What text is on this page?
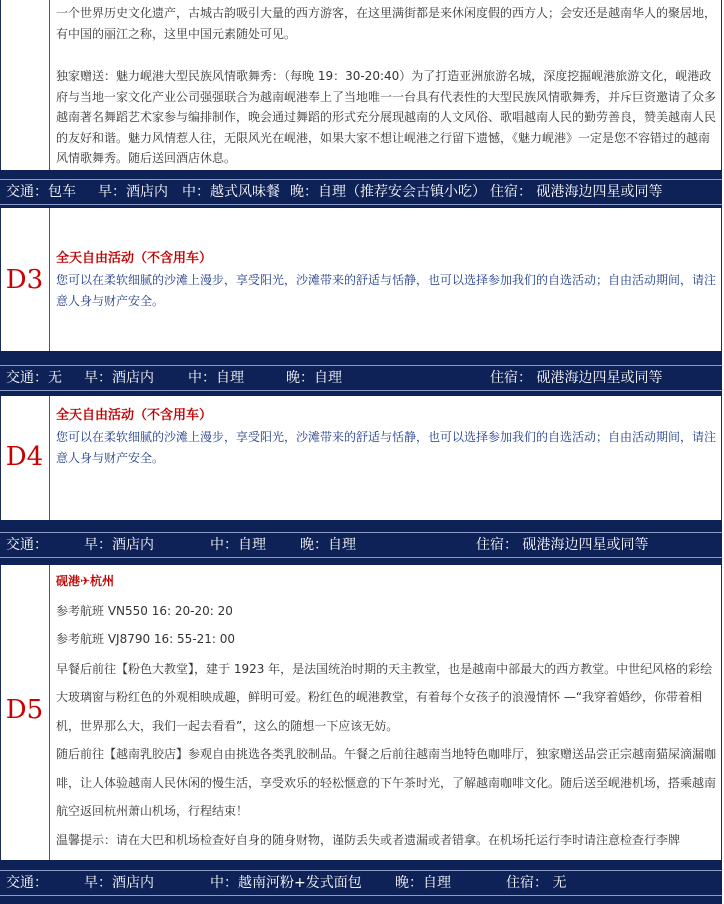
一个世界历史文化遗产，古城古韵吸引大量的西方游客，在这里满街都是来休闲度假的西方人；会安还是越南华人的聚居地，有中国的丽江之称，这里中国元素随处可见。

独家赠送：魅力岘港大型民族风情歌舞秀：（每晚 19：30-20:40）为了打造亚洲旅游名城，深度挖掘岘港旅游文化，岘港政府与当地一家文化产业公司强强联合为越南岘港奉上了当地唯一一台具有代表性的大型民族风情歌舞秀，并斥巨资邀请了众多越南著名舞蹈艺术家参与编排制作，晚会通过舞蹈的形式充分展现越南的人文风俗、歌唱越南人民的勤劳善良，赞美越南人民的友好和谐。魅力风情惹人往，无限风光在岘港，如果大家不想让岘港之行留下遗憾，《魅力岘港》一定是您不容错过的越南风情歌舞秀。随后送回酒店休息。

交通：包车 早：酒店内 中：越式风味餐 晚：自理（推荐安会古镇小吃） 住宿： 砚港海边四星或同等
D3
全天自由活动（不含用车）

您可以在柔软细腻的沙滩上漫步，享受阳光，沙滩带来的舒适与恬静，也可以选择参加我们的自选活动；自由活动期间，请注意人身与财产安全。

交通：无 早：酒店内 中：自理	晚：自理	住宿： 砚港海边四星或同等
D4
全天自由活动（不含用车）

您可以在柔软细腻的沙滩上漫步，享受阳光，沙滩带来的舒适与恬静，也可以选择参加我们的自选活动；自由活动期间，请注意人身与财产安全。

交通：	早：酒店内	中：自理 晚：自理	住宿： 砚港海边四星或同等
D5

砚港✈杭州

参考航班 VN550 16: 20-20: 20

参考航班 VJ8790 16: 55-21: 00

早餐后前往【粉色大教堂】，建于 1923 年，是法国统治时期的天主教堂，也是越南中部最大的西方教堂。中世纪风格的彩绘大玻璃窗与粉红色的外观相映成趣，鲜明可爱。粉红色的岘港教堂，有着每个女孩子的浪漫情怀 —“我穿着婚纱，你带着相机，世界那么大，我们一起去看看”，这么的随想一下应该无妨。

随后前往【越南乳胶店】参观自由挑选各类乳胶制品。午餐之后前往越南当地特色咖啡厅，独家赠送品尝正宗越南猫屎滴漏咖啡，让人体验越南人民休闲的慢生活，享受欢乐的轻松惬意的下午茶时光，了解越南咖啡文化。随后送至岘港机场，搭乘越南航空返回杭州萧山机场，行程结束！

温馨提示：请在大巴和机场检查好自身的随身财物，谨防丢失或者遗漏或者错拿。在机场托运行李时请注意检查行李牌

交通：	早：酒店内	中：越南河粉+发式面包 晚：自理	住宿： 无
